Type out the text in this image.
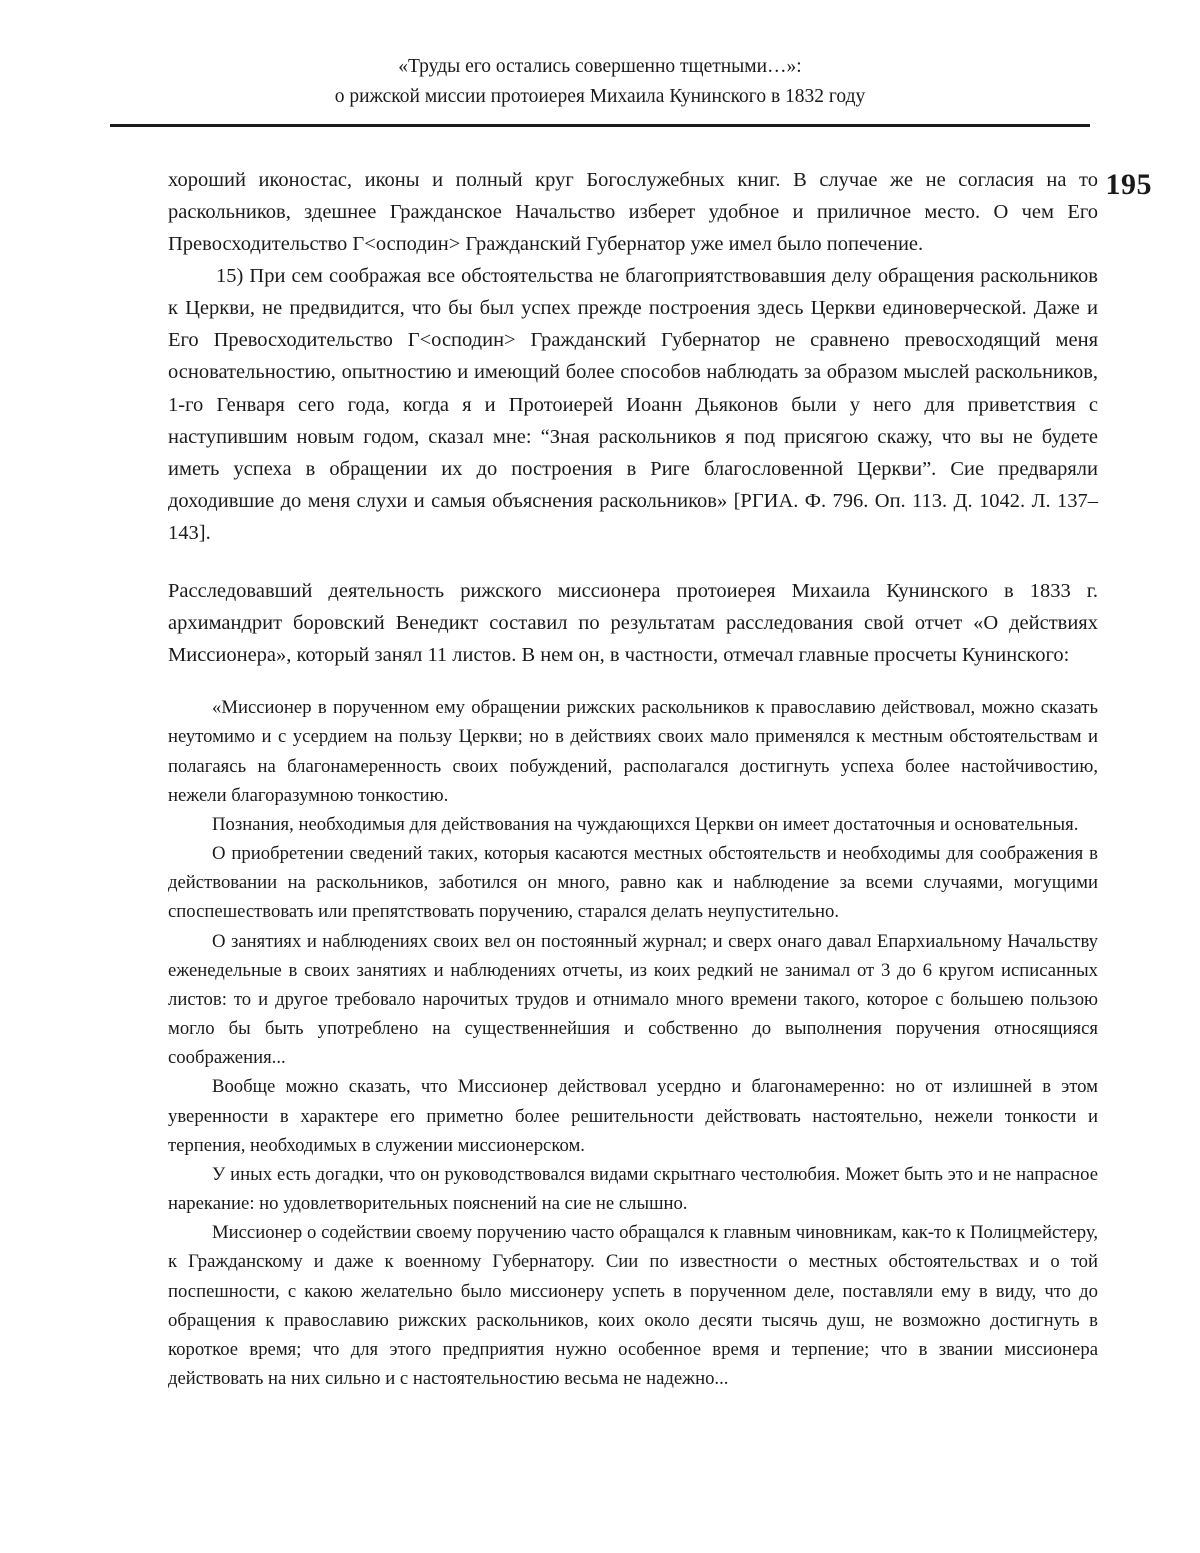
«Труды его остались совершенно тщетными…»:
о рижской миссии протоиерея Михаила Кунинского в 1832 году
195

хороший иконостас, иконы и полный круг Богослужебных книг. В случае же не согласия на то раскольников, здешнее Гражданское Начальство изберет удобное и приличное место. О чем Его Превосходительство Г<осподин> Гражданский Губернатор уже имел было попечение.

15) При сем соображая все обстоятельства не благоприятствовавшия делу обращения раскольников к Церкви, не предвидится, что бы был успех прежде построения здесь Церкви единоверческой. Даже и Его Превосходительство Г<осподин> Гражданский Губернатор не сравнено превосходящий меня основательностию, опытностию и имеющий более способов наблюдать за образом мыслей раскольников, 1-го Генваря сего года, когда я и Протоиерей Иоанн Дьяконов были у него для приветствия с наступившим новым годом, сказал мне: “Зная раскольников я под присягою скажу, что вы не будете иметь успеха в обращении их до построения в Риге благословенной Церкви”. Сие предваряли доходившие до меня слухи и самыя объяснения раскольников» [РГИА. Ф. 796. Оп. 113. Д. 1042. Л. 137–143].

Расследовавший деятельность рижского миссионера протоиерея Михаила Кунинского в 1833 г. архимандрит боровский Венедикт составил по результатам расследования свой отчет «О действиях Миссионера», который занял 11 листов. В нем он, в частности, отмечал главные просчеты Кунинского:

«Миссионер в порученном ему обращении рижских раскольников к православию действовал, можно сказать неутомимо и с усердием на пользу Церкви; но в действиях своих мало применялся к местным обстоятельствам и полагаясь на благонамеренность своих побуждений, располагался достигнуть успеха более настойчивостию, нежели благоразумною тонкостию.

Познания, необходимыя для действования на чуждающихся Церкви он имеет достаточныя и основательныя.

О приобретении сведений таких, которыя касаются местных обстоятельств и необходимы для соображения в действовании на раскольников, заботился он много, равно как и наблюдение за всеми случаями, могущими споспешествовать или препятствовать поручению, старался делать неупустительно.

О занятиях и наблюдениях своих вел он постоянный журнал; и сверх онаго давал Епархиальному Начальству еженедельные в своих занятиях и наблюдениях отчеты, из коих редкий не занимал от 3 до 6 кругом исписанных листов: то и другое требовало нарочитых трудов и отнимало много времени такого, которое с большею пользою могло бы быть употреблено на существеннейшия и собственно до выполнения поручения относящияся соображения...

Вообще можно сказать, что Миссионер действовал усердно и благонамеренно: но от излишней в этом уверенности в характере его приметно более решительности действовать настоятельно, нежели тонкости и терпения, необходимых в служении миссионерском.

У иных есть догадки, что он руководствовался видами скрытнаго честолюбия. Может быть это и не напрасное нарекание: но удовлетворительных пояснений на сие не слышно.

Миссионер о содействии своему поручению часто обращался к главным чиновникам, как-то к Полицмейстеру, к Гражданскому и даже к военному Губернатору. Сии по известности о местных обстоятельствах и о той поспешности, с какою желательно было миссионеру успеть в порученном деле, поставляли ему в виду, что до обращения к православию рижских раскольников, коих около десяти тысячь душ, не возможно достигнуть в короткое время; что для этого предприятия нужно особенное время и терпение; что в звании миссионера действовать на них сильно и с настоятельностию весьма не надежно...
